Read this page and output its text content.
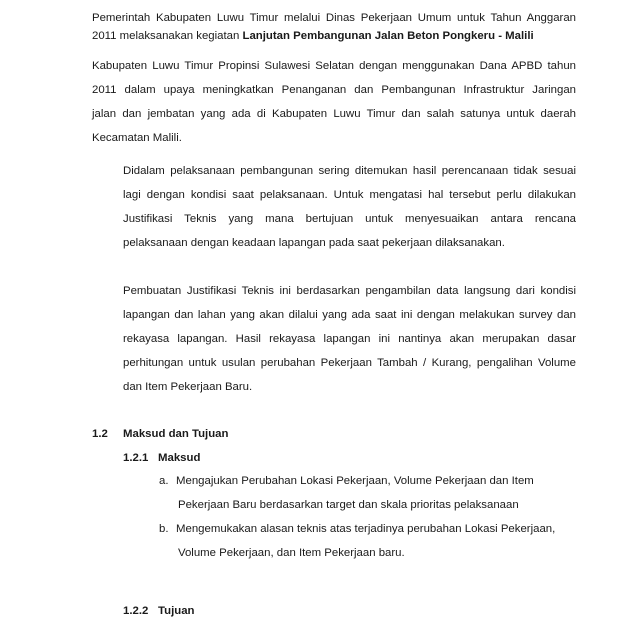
Pemerintah Kabupaten Luwu Timur melalui Dinas Pekerjaan Umum untuk Tahun Anggaran
2011 melaksanakan kegiatan Lanjutan Pembangunan Jalan Beton Pongkeru - Malili
Kabupaten Luwu Timur Propinsi Sulawesi Selatan dengan menggunakan Dana APBD tahun
2011 dalam upaya meningkatkan Penanganan dan Pembangunan Infrastruktur Jaringan
jalan dan jembatan yang ada di Kabupaten Luwu Timur dan salah satunya untuk daerah
Kecamatan Malili.
Didalam pelaksanaan pembangunan sering ditemukan hasil perencanaan tidak sesuai
lagi dengan kondisi saat pelaksanaan. Untuk mengatasi hal tersebut perlu dilakukan
Justifikasi Teknis yang mana bertujuan untuk menyesuaikan antara rencana
pelaksanaan dengan keadaan lapangan pada saat pekerjaan dilaksanakan.
Pembuatan Justifikasi Teknis ini berdasarkan pengambilan data langsung dari kondisi
lapangan dan lahan yang akan dilalui yang ada saat ini dengan melakukan survey dan
rekayasa lapangan. Hasil rekayasa lapangan ini nantinya akan merupakan dasar
perhitungan untuk usulan perubahan Pekerjaan Tambah / Kurang, pengalihan Volume
dan Item Pekerjaan Baru.
1.2 Maksud dan Tujuan
1.2.1 Maksud
a. Mengajukan Perubahan Lokasi Pekerjaan, Volume Pekerjaan dan Item
Pekerjaan Baru berdasarkan target dan skala prioritas pelaksanaan
b. Mengemukakan alasan teknis atas terjadinya perubahan Lokasi Pekerjaan,
Volume Pekerjaan, dan Item Pekerjaan baru.
1.2.2 Tujuan
